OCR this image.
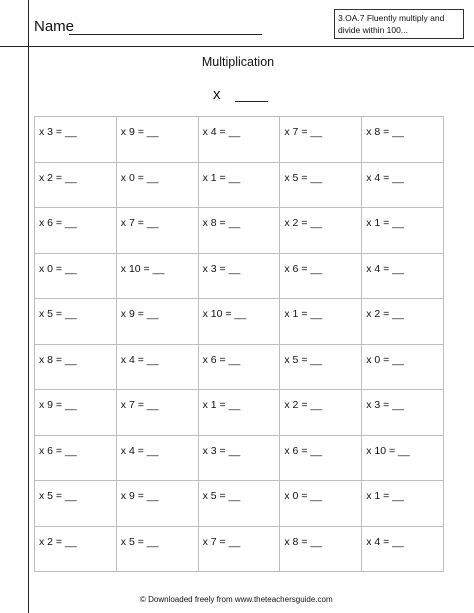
Name	3.OA.7 Fluently multiply and divide within 100...
Multiplication
x
x 3 = __	x 9 = __	x 4 = __	x 7 = __	x 8 = __
x 2 = __	x 0 = __	x 1 = __	x 5 = __	x 4 = __
x 6 = __	x 7 = __	x 8 = __	x 2 = __	x 1 = __
x 0 = __	x 10 = __	x 3 = __	x 6 = __	x 4 = __
x 5 = __	x 9 = __	x 10 = __	x 1 = __	x 2 = __
x 8 = __	x 4 = __	x 6 = __	x 5 = __	x 0 = __
x 9 = __	x 7 = __	x 1 = __	x 2 = __	x 3 = __
x 6 = __	x 4 = __	x 3 = __	x 6 = __	x 10 = __
x 5 = __	x 9 = __	x 5 = __	x 0 = __	x 1 = __
x 2 = __	x 5 = __	x 7 = __	x 8 = __	x 4 = __
© Downloaded freely from www.theteachersguide.com
